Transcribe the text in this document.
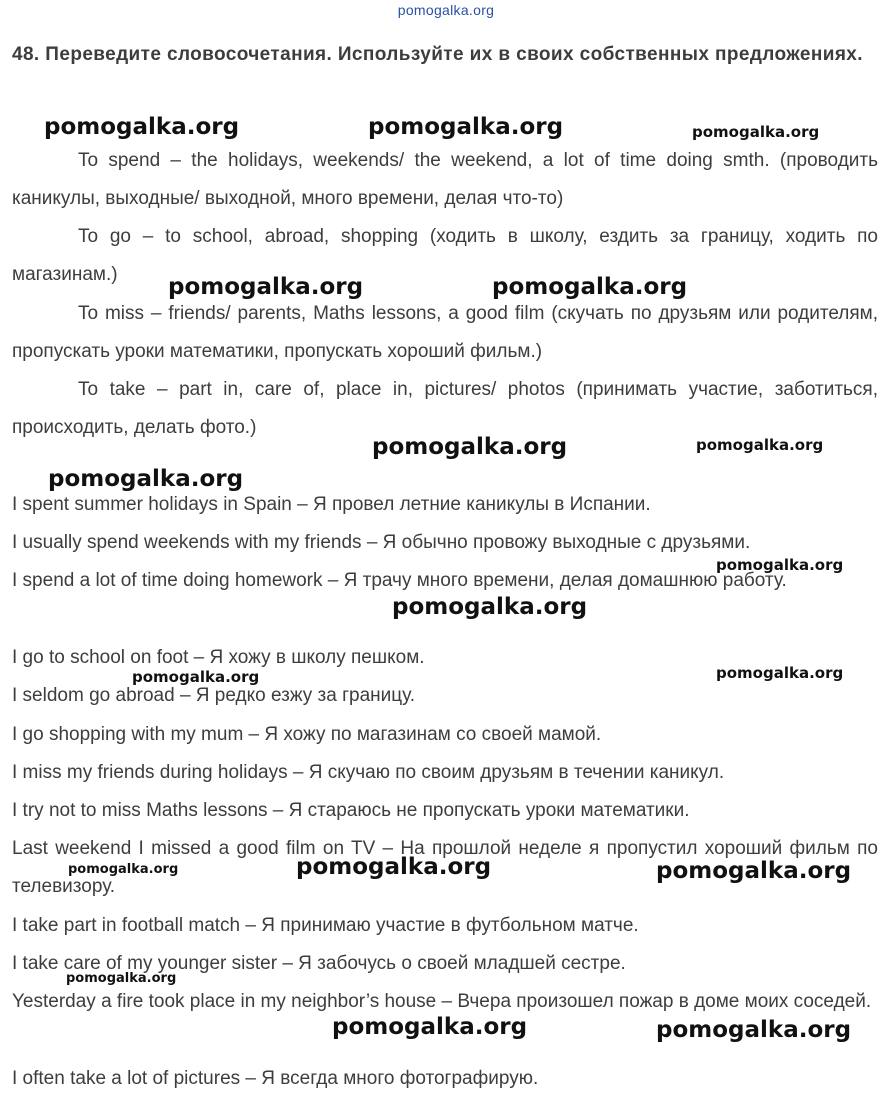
pomogalka.org
48. Переведите словосочетания. Используйте их в своих собственных предложениях.
To spend – the holidays, weekends/ the weekend, a lot of time doing smth. (проводить каникулы, выходные/ выходной, много времени, делая что-то)
To go – to school, abroad, shopping (ходить в школу, ездить за границу, ходить по магазинам.)
To miss – friends/ parents, Maths lessons, a good film (скучать по друзьям или родителям, пропускать уроки математики, пропускать хороший фильм.)
To take – part in, care of, place in, pictures/ photos (принимать участие, заботиться, происходить, делать фото.)
I spent summer holidays in Spain – Я провел летние каникулы в Испании.
I usually spend weekends with my friends – Я обычно провожу выходные с друзьями.
I spend a lot of time doing homework – Я трачу много времени, делая домашнюю работу.
I go to school on foot – Я хожу в школу пешком.
I seldom go abroad – Я редко езжу за границу.
I go shopping with my mum – Я хожу по магазинам со своей мамой.
I miss my friends during holidays – Я скучаю по своим друзьям в течении каникул.
I try not to miss Maths lessons – Я стараюсь не пропускать уроки математики.
Last weekend I missed a good film on TV – На прошлой неделе я пропустил хороший фильм по телевизору.
I take part in football match – Я принимаю участие в футбольном матче.
I take care of my younger sister – Я забочусь о своей младшей сестре.
Yesterday a fire took place in my neighbor’s house – Вчера произошел пожар в доме моих соседей.
I often take a lot of pictures – Я всегда много фотографирую.
pomogalka.org	pomogalka.org	pomogalka.org
pomogalka.org	pomogalka.org
pomogalka.org	pomogalka.org
pomogalka.org
pomogalka.org
pomogalka.org
pomogalka.org
pomogalka.org
pomogalka.org	pomogalka.org	pomogalka.org
pomogalka.org
pomogalka.org	pomogalka.org
